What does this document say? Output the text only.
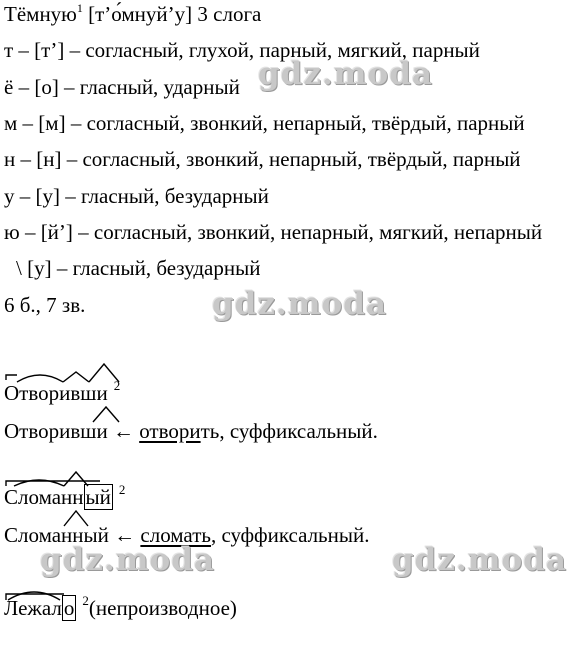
Тёмную$^1$ [т’о́мнуй’у] 3 слога
т – [т’] – согласный, глухой, парный, мягкий, парный
ё – [о] – гласный, ударный
м – [м] – согласный, звонкий, непарный, твёрдый, парный
н – [н] – согласный, звонкий, непарный, твёрдый, парный
у – [у] – гласный, безударный
ю – [й’] – согласный, звонкий, непарный, мягкий, непарный
\ [у] – гласный, безударный
6 б., 7 зв.
Отворивши $^2$
Отворивши ← отворить, суффиксальный.
Сломанный $^2$
Сломанный ← сломать, суффиксальный.
Лежало $^2$(непроизводное)
gdz.moda
gdz.moda
gdz.moda	gdz.moda
